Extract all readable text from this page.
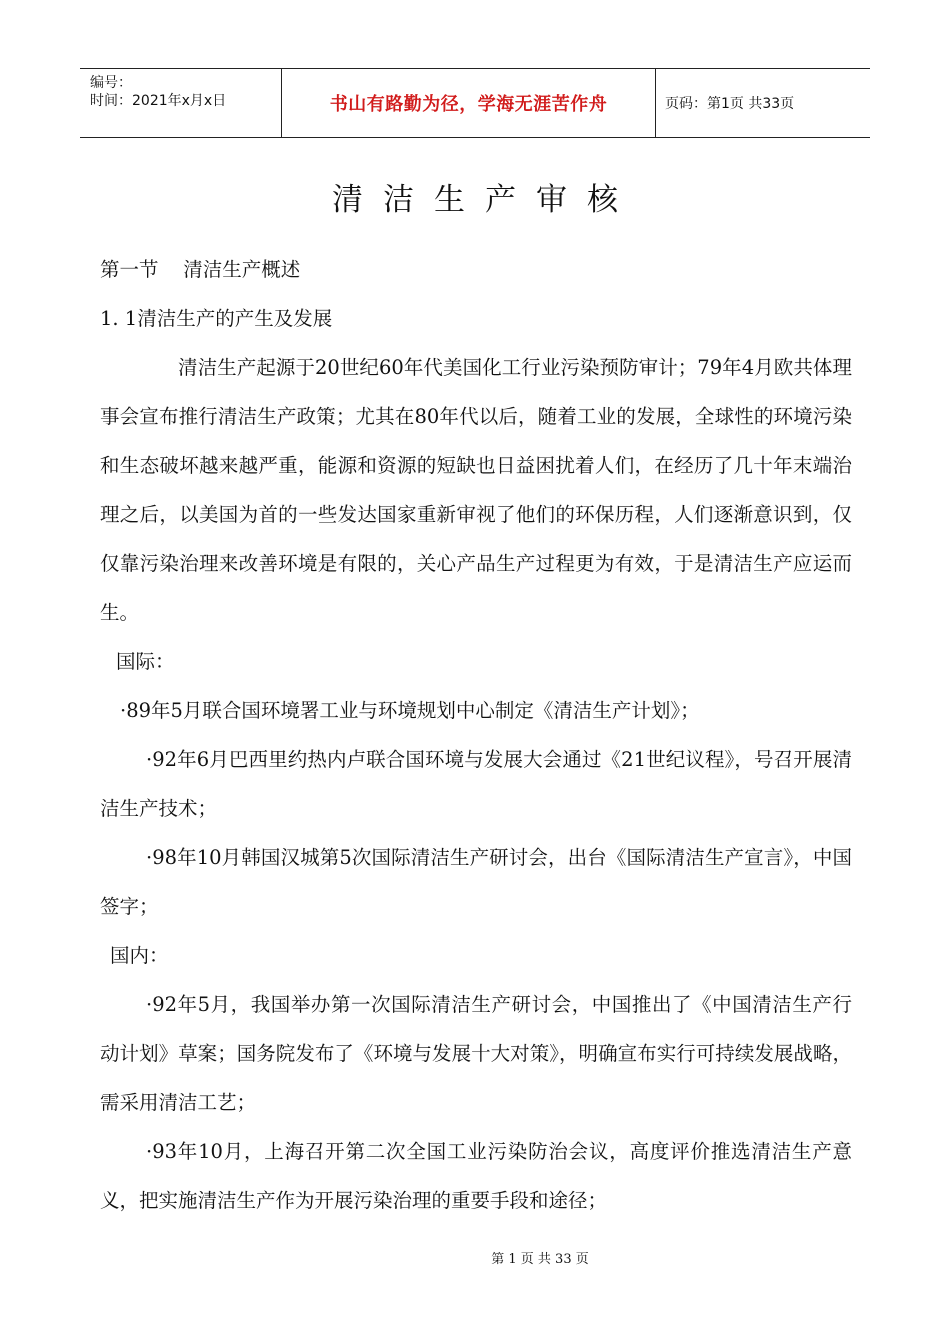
编号：
时间：2021年x月x日	书山有路勤为径，学海无涯苦作舟	页码：第1页 共33页
清洁生产审核

第一节    清洁生产概述

1. 1清洁生产的产生及发展

清洁生产起源于20世纪60年代美国化工行业污染预防审计；79年4月欧共体理事会宣布推行清洁生产政策；尤其在80年代以后，随着工业的发展，全球性的环境污染和生态破坏越来越严重，能源和资源的短缺也日益困扰着人们，在经历了几十年末端治理之后，以美国为首的一些发达国家重新审视了他们的环保历程，人们逐渐意识到，仅仅靠污染治理来改善环境是有限的，关心产品生产过程更为有效，于是清洁生产应运而生。

国际：

·89年5月联合国环境署工业与环境规划中心制定《清洁生产计划》；

·92年6月巴西里约热内卢联合国环境与发展大会通过《21世纪议程》，号召开展清洁生产技术；

·98年10月韩国汉城第5次国际清洁生产研讨会，出台《国际清洁生产宣言》，中国签字；

国内：

·92年5月，我国举办第一次国际清洁生产研讨会，中国推出了《中国清洁生产行动计划》草案；国务院发布了《环境与发展十大对策》，明确宣布实行可持续发展战略，需采用清洁工艺；

·93年10月，上海召开第二次全国工业污染防治会议，高度评价推选清洁生产意义，把实施清洁生产作为开展污染治理的重要手段和途径；

第 1 页 共 33 页
